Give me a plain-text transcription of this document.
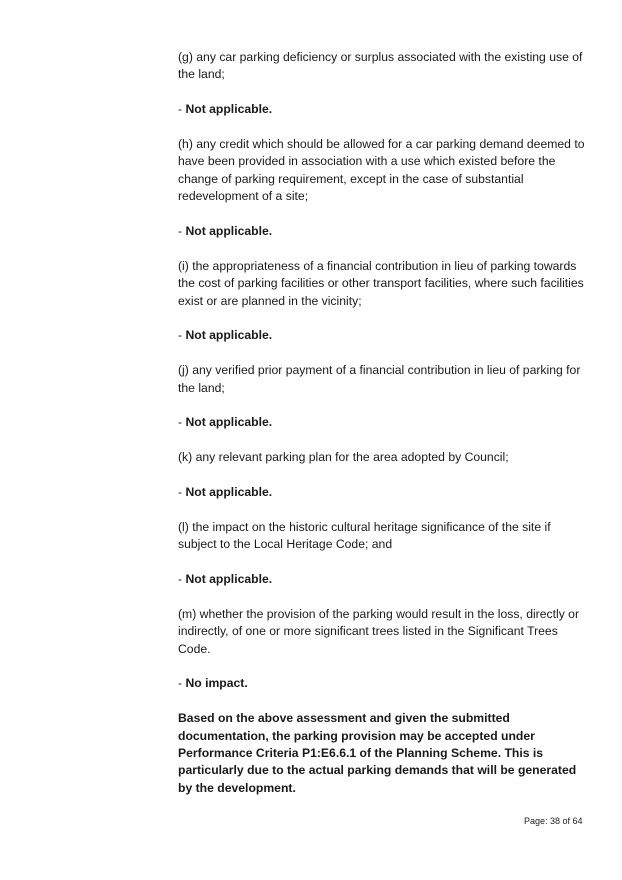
(g) any car parking deficiency or surplus associated with the existing use of the land;

- Not applicable.

(h) any credit which should be allowed for a car parking demand deemed to have been provided in association with a use which existed before the change of parking requirement, except in the case of substantial redevelopment of a site;

- Not applicable.

(i) the appropriateness of a financial contribution in lieu of parking towards the cost of parking facilities or other transport facilities, where such facilities exist or are planned in the vicinity;

- Not applicable.

(j) any verified prior payment of a financial contribution in lieu of parking for the land;

- Not applicable.

(k) any relevant parking plan for the area adopted by Council;

- Not applicable.

(l) the impact on the historic cultural heritage significance of the site if subject to the Local Heritage Code; and

- Not applicable.

(m) whether the provision of the parking would result in the loss, directly or indirectly, of one or more significant trees listed in the Significant Trees Code.

- No impact.

Based on the above assessment and given the submitted documentation, the parking provision may be accepted under Performance Criteria P1:E6.6.1 of the Planning Scheme. This is particularly due to the actual parking demands that will be generated by the development.

Page: 38 of 64
